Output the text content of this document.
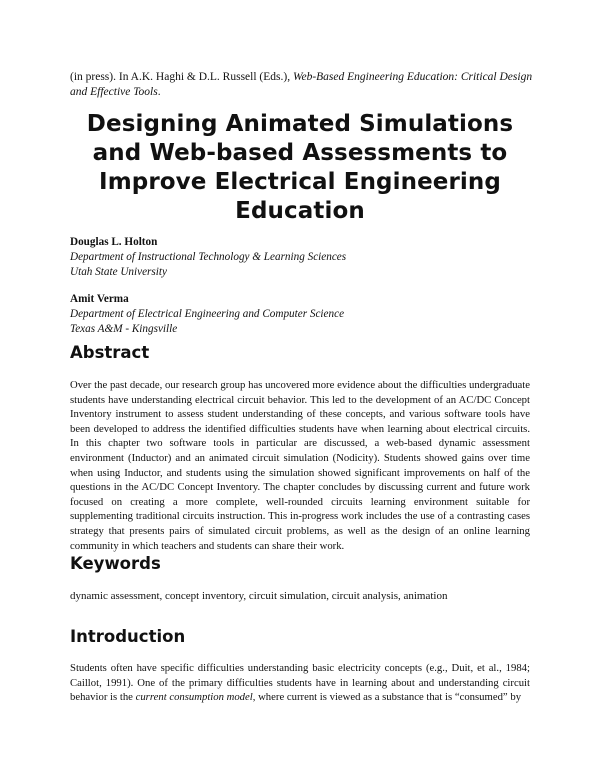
(in press). In A.K. Haghi & D.L. Russell (Eds.), Web-Based Engineering Education: Critical Design and Effective Tools.
Designing Animated Simulations and Web-based Assessments to Improve Electrical Engineering Education
Douglas L. Holton
Department of Instructional Technology & Learning Sciences
Utah State University
Amit Verma
Department of Electrical Engineering and Computer Science
Texas A&M - Kingsville
Abstract
Over the past decade, our research group has uncovered more evidence about the difficulties undergraduate students have understanding electrical circuit behavior. This led to the development of an AC/DC Concept Inventory instrument to assess student understanding of these concepts, and various software tools have been developed to address the identified difficulties students have when learning about electrical circuits. In this chapter two software tools in particular are discussed, a web-based dynamic assessment environment (Inductor) and an animated circuit simulation (Nodicity). Students showed gains over time when using Inductor, and students using the simulation showed significant improvements on half of the questions in the AC/DC Concept Inventory. The chapter concludes by discussing current and future work focused on creating a more complete, well-rounded circuits learning environment suitable for supplementing traditional circuits instruction. This in-progress work includes the use of a contrasting cases strategy that presents pairs of simulated circuit problems, as well as the design of an online learning community in which teachers and students can share their work.
Keywords
dynamic assessment, concept inventory, circuit simulation, circuit analysis, animation
Introduction
Students often have specific difficulties understanding basic electricity concepts (e.g., Duit, et al., 1984; Caillot, 1991). One of the primary difficulties students have in learning about and understanding circuit behavior is the current consumption model, where current is viewed as a substance that is “consumed” by
